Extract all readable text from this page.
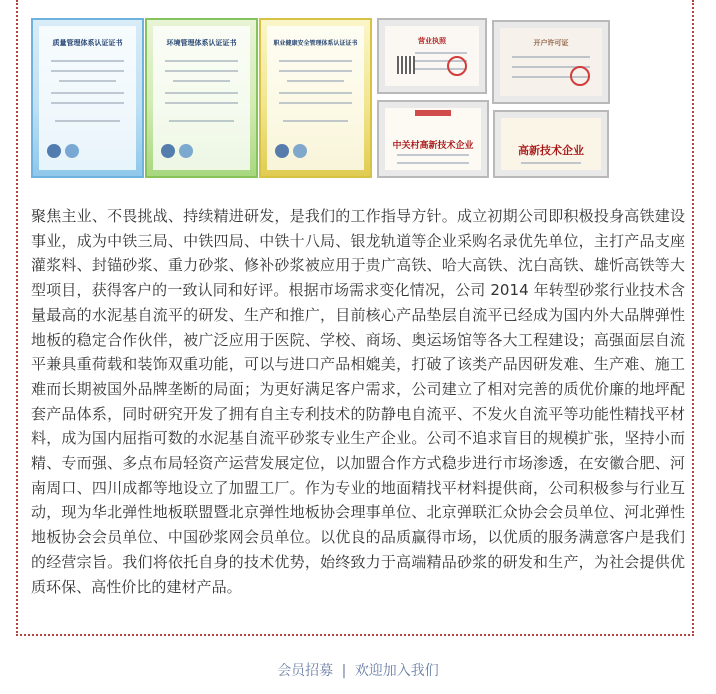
质量管理体系认证证书	环境管理体系认证证书	职业健康安全管理体系认证证书	营业执照	开户许可证
中关村高新技术企业	高新技术企业

聚焦主业、不畏挑战、持续精进研发，是我们的工作指导方针。成立初期公司即积极投身高铁建设事业，成为中铁三局、中铁四局、中铁十八局、银龙轨道等企业采购名录优先单位，主打产品支座灌浆料、封锚砂浆、重力砂浆、修补砂浆被应用于贵广高铁、哈大高铁、沈白高铁、雄忻高铁等大型项目，获得客户的一致认同和好评。根据市场需求变化情况，公司 2014 年转型砂浆行业技术含量最高的水泥基自流平的研发、生产和推广，目前核心产品垫层自流平已经成为国内外大品牌弹性地板的稳定合作伙伴，被广泛应用于医院、学校、商场、奥运场馆等各大工程建设；高强面层自流平兼具重荷载和装饰双重功能，可以与进口产品相媲美，打破了该类产品因研发难、生产难、施工难而长期被国外品牌垄断的局面；为更好满足客户需求，公司建立了相对完善的质优价廉的地坪配套产品体系，同时研究开发了拥有自主专利技术的防静电自流平、不发火自流平等功能性精找平材料，成为国内屈指可数的水泥基自流平砂浆专业生产企业。公司不追求盲目的规模扩张，坚持小而精、专而强、多点布局轻资产运营发展定位，以加盟合作方式稳步进行市场渗透，在安徽合肥、河南周口、四川成都等地设立了加盟工厂。作为专业的地面精找平材料提供商，公司积极参与行业互动，现为华北弹性地板联盟暨北京弹性地板协会理事单位、北京弹联汇众协会会员单位、河北弹性地板协会会员单位、中国砂浆网会员单位。以优良的品质赢得市场，以优质的服务满意客户是我们的经营宗旨。我们将依托自身的技术优势，始终致力于高端精品砂浆的研发和生产，为社会提供优质环保、高性价比的建材产品。

会员招募 | 欢迎加入我们
